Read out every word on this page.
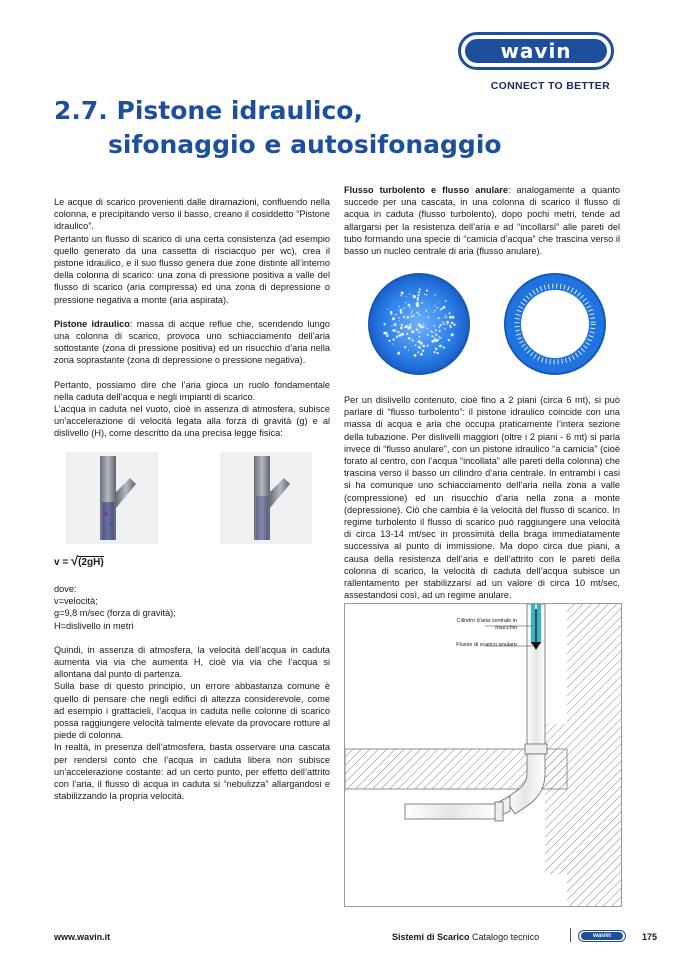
wavin
CONNECT TO BETTER
2.7. Pistone idraulico,
sifonaggio e autosifonaggio

Le acque di scarico provenienti dalle diramazioni, confluendo nella colonna, e precipitando verso il basso, creano il cosiddetto “Pistone idraulico”.

Pertanto un flusso di scarico di una certa consistenza (ad esempio quello generato da una cassetta di risciacquo per wc), crea il pistone idraulico, e il suo flusso genera due zone distinte all’interno della colonna di scarico: una zona di pressione positiva a valle del flusso di scarico (aria compressa) ed una zona di depressione o pressione negativa a monte (aria aspirata).

Pistone idraulico: massa di acque reflue che, scendendo lungo una colonna di scarico, provoca uno schiacciamento dell’aria sottostante (zona di pressione positiva) ed un risucchio d’aria nella zona soprastante (zona di depressione o pressione negativa).

Pertanto, possiamo dire che l’aria gioca un ruolo fondamentale nella caduta dell’acqua e negli impianti di scarico.

L’acqua in caduta nel vuoto, cioè in assenza di atmosfera, subisce un’accelerazione di velocità legata alla forza di gravità (g) e al dislivello (H), come descritto da una precisa legge fisica:

v = √(2gH)

dove:

v=velocità;

g=9,8 m/sec (forza di gravità);

H=dislivello in metri

Quindi, in assenza di atmosfera, la velocità dell’acqua in caduta aumenta via via che aumenta H, cioè via via che l’acqua si allontana dal punto di partenza.

Sulla base di questo principio, un errore abbastanza comune è quello di pensare che negli edifici di altezza considerevole, come ad esempio i grattacieli, l’acqua in caduta nelle colonne di scarico possa raggiungere velocità talmente elevate da provocare rotture al piede di colonna.

In realtà, in presenza dell’atmosfera, basta osservare una cascata per rendersi conto che l’acqua in caduta libera non subisce un’accelerazione costante: ad un certo punto, per effetto dell’attrito con l’aria, il flusso di acqua in caduta si “nebulizza” allargandosi e stabilizzando la propria velocità.

Flusso turbolento e flusso anulare: analogamente a quanto succede per una cascata, in una colonna di scarico il flusso di acqua in caduta (flusso turbolento), dopo pochi metri, tende ad allargarsi per la resistenza dell’aria e ad “incollarsi” alle pareti del tubo formando una specie di “camicia d’acqua” che trascina verso il basso un nucleo centrale di aria (flusso anulare).

Per un dislivello contenuto, cioè fino a 2 piani (circa 6 mt), si può parlare di “flusso turbolento”: il pistone idraulico coincide con una massa di acqua e aria che occupa praticamente l’intera sezione della tubazione. Per dislivelli maggiori (oltre i 2 piani - 6 mt) si parla invece di “flusso anulare”, con un pistone idraulico “a camicia” (cioè forato al centro, con l’acqua “incollata” alle pareti della colonna) che trascina verso il basso un cilindro d’aria centrale. In entrambi i casi si ha comunque uno schiacciamento dell’aria nella zona a valle (compressione) ed un risucchio d’aria nella zona a monte (depressione). Ciò che cambia è la velocità del flusso di scarico. In regime turbolento il flusso di scarico può raggiungere una velocità di circa 13-14 mt/sec in prossimità della braga immediatamente successiva al punto di immissione. Ma dopo circa due piani, a causa della resistenza dell’aria e dell’attrito con le pareti della colonna di scarico, la velocità di caduta dell’acqua subisce un rallentamento per stabilizzarsi ad un valore di circa 10 mt/sec, assestandosi così, ad un regime anulare.

Cilindro d’aria centrale in risucchio
Flusso di scarico anulare
www.wavin.it	Sistemi di Scarico Catalogo tecnico	wavin	175
